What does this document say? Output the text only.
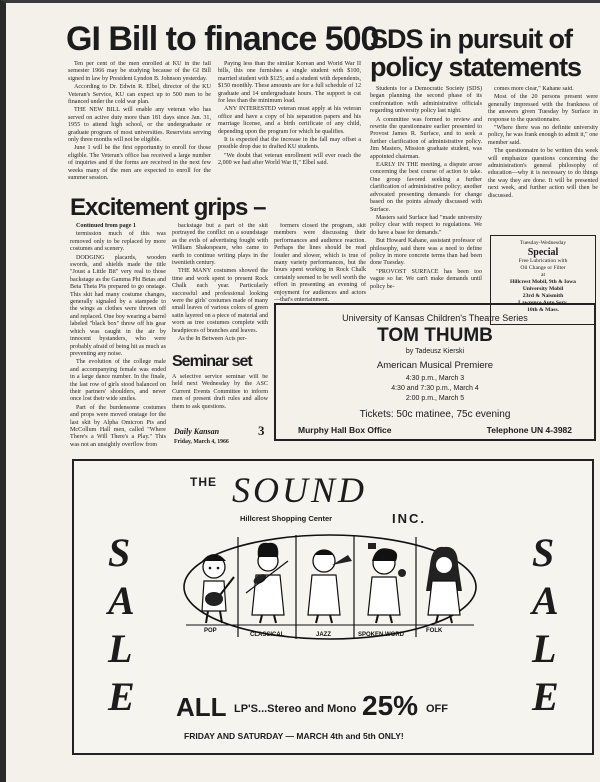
GI Bill to finance 500

Ten per cent of the men enrolled at KU in the fall semester 1966 may be studying because of the GI Bill signed in law by President Lyndon B. Johnson yesterday.

According to Dr. Edwin R. Elbel, director of the KU Veteran's Service, KU can expect up to 500 men to be financed under the cold war plan.

THE NEW BILL will enable any veteran who has served on active duty more than 181 days since Jan. 31, 1955 to attend high school, or the undergraduate or graduate program of most universities. Reservists serving only three months will not be eligible.

June 1 will be the first opportunity to enroll for those eligible. The Veteran's office has received a large number of inquiries and if the forms are received in the next few weeks many of the men are expected to enroll for the summer session.

Paying less than the similar Korean and World War II bills, this one furnishes a single student with $100, married student with $125; and a student with dependents, $150 monthly. These amounts are for a full schedule of 12 graduate and 14 undergraduate hours. The support is cut for less than the minimum load.

ANY INTERESTED veteran must apply at his veteran office and have a copy of his separation papers and his marriage license, and a birth certificate of any child, depending upon the program for which he qualifies.

It is expected that the increase in the fall may offset a possible drop due to drafted KU students.

"We doubt that veteran enrollment will ever reach the 2,000 we had after World War II," Elbel said.

SDS in pursuit of
policy statements

Students for a Democratic Society (SDS) began planning the second phase of its confrontation with administrative officials regarding university policy last night.

A committee was formed to review and rewrite the questionnaire earlier presented to Provost James R. Surface, and to seek a further clarification of administrative policy. Jim Masters, Mission graduate student, was appointed chairman.

EARLY IN THE meeting, a dispute arose concerning the best course of action to take. One group favored seeking a further clarification of administrative policy; another advocated presenting demands for change based on the points already discussed with Surface.

Masters said Surface had "made university policy clear with respect to regulations. We do have a base for demands."

But Howard Kahane, assistant professor of philosophy, said there was a need to define policy in more concrete terms than had been done Tuesday.

"PROVOST SURFACE has been too vague so far. We can't make demands until policy be-

comes more clear," Kahane said.

Most of the 20 persons present were generally impressed with the frankness of the answers given Tuesday by Surface in response to the questionnaire.

"Where there was no definite university policy, he was frank enough to admit it," one member said.

The questionnaire to be written this week will emphasize questions concerning the administration's general philosophy of education—why it is necessary to do things the way they are done. It will be presented next week, and further action will then be discussed.

Tuesday-Wednesday
Special
Free Lubrication with
Oil Change or Filter
at
Hillcrest Mobil, 9th & Iowa
University Mobil
23rd & Naismith
Lawrence Auto Serv.
10th & Mass.
Excitement grips –

Continued from page 1

termission much of this was removed only to be replaced by more costumes and scenery.

DODGING placards, wooden swords, and shields made the title "Joust a Little Bit" very real to those backstage as the Gamma Phi Betas and Beta Theta Pis prepared to go onstage. This skit had many costume changes, generally signaled by a stampede to the wings as clothes were thrown off and replaced. One boy wearing a barrel labeled "black box" threw off his gear which was caught in the air by innocent bystanders, who were probably afraid of being hit as much as preventing any noise.

The evolution of the college male and accompanying female was ended in a large dance number. In the finale, the last row of girls stood balanced on their partners' shoulders, and never once lost their wide smiles.

Part of the burdensome costumes and props were moved onstage for the last skit by Alpha Omicron Pis and McCollum Hall men, called "Where There's a Will There's a Play." This was not an unsightly overflow from

backstage but a part of the skit portrayed the conflict on a soundstage as the evils of advertising fought with William Shakespeare, who came to earth to continue writing plays in the twentieth century.

THE MANY costumes showed the time and work spent to present Rock Chalk each year. Particularly successful and professional looking were the girls' costumes made of many small leaves of various colors of green satin layered on a piece of material and worn as tree costumes complete with headpieces of branches and leaves.

As the In Between Acts per-

formers closed the program, skit members were discussing their performances and audience reaction. Perhaps the lines should be read louder and slower, which is true of many variety performances, but the hours spent working in Rock Chalk certainly seemed to be well worth the effort in presenting an evening of enjoyment for audiences and actors—that's entertainment.

Seminar set
A selective service seminar will be held next Wednesday by the ASC Current Events Committee to inform men of present draft rules and allow them to ask questions.
Daily Kansan	3
Friday, March 4, 1966
University of Kansas Children's Theatre Series
TOM THUMB
by Tadeusz Kierski
American Musical Premiere
4:30 p.m., March 3
4:30 and 7:30 p.m., March 4
2:00 p.m., March 5
Tickets: 50c matinee, 75c evening
Murphy Hall Box Office	Telephone UN 4-3982
THE SOUND
INC.
Hillcrest Shopping Center
S
A
L
E
S
A
L
E
POP
CLASSICAL	JAZZ	SPOKEN WORD
FOLK
ALL LP'S...Stereo and Mono 25% OFF
FRIDAY AND SATURDAY — MARCH 4th and 5th ONLY!
